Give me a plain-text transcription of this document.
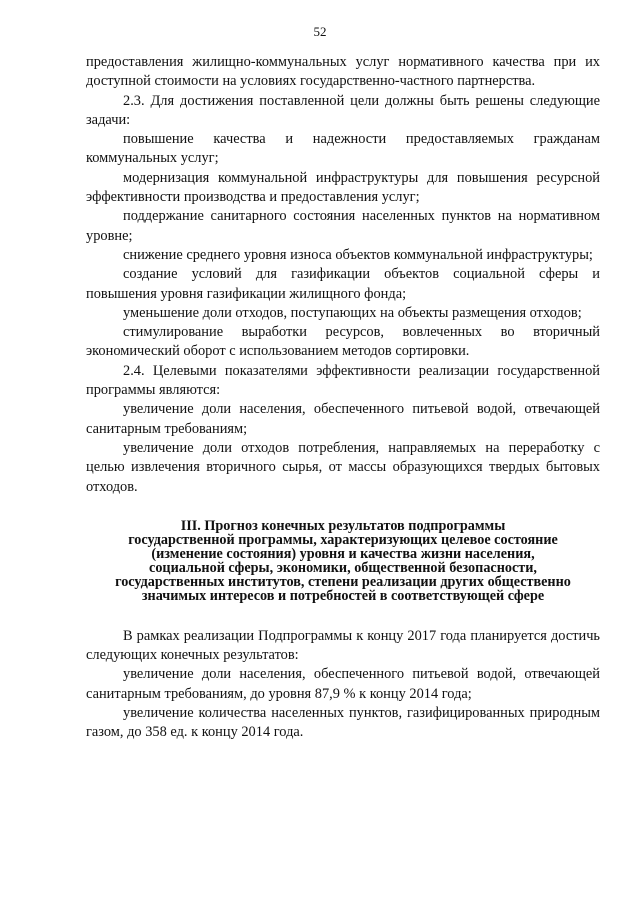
52

предоставления жилищно-коммунальных услуг нормативного качества при их доступной стоимости на условиях государственно-частного партнерства.

2.3. Для достижения поставленной цели должны быть решены следующие задачи:

повышение качества и надежности предоставляемых гражданам коммунальных услуг;

модернизация коммунальной инфраструктуры для повышения ресурсной эффективности производства и предоставления услуг;

поддержание санитарного состояния населенных пунктов на нормативном уровне;

снижение среднего уровня износа объектов коммунальной инфраструктуры;

создание условий для газификации объектов социальной сферы и повышения уровня газификации жилищного фонда;

уменьшение доли отходов, поступающих на объекты размещения отходов;

стимулирование выработки ресурсов, вовлеченных во вторичный экономический оборот с использованием методов сортировки.

2.4. Целевыми показателями эффективности реализации государственной программы являются:

увеличение доли населения, обеспеченного питьевой водой, отвечающей санитарным требованиям;

увеличение доли отходов потребления, направляемых на переработку с целью извлечения вторичного сырья, от массы образующихся твердых бытовых отходов.

III. Прогноз конечных результатов подпрограммы
государственной программы, характеризующих целевое состояние
(изменение состояния) уровня и качества жизни населения,
социальной сферы, экономики, общественной безопасности,
государственных институтов, степени реализации других общественно
значимых интересов и потребностей в соответствующей сфере

В рамках реализации Подпрограммы к концу 2017 года планируется достичь следующих конечных результатов:

увеличение доли населения, обеспеченного питьевой водой, отвечающей санитарным требованиям, до уровня 87,9 % к концу 2014 года;

увеличение количества населенных пунктов, газифицированных природным газом, до 358 ед. к концу 2014 года.
